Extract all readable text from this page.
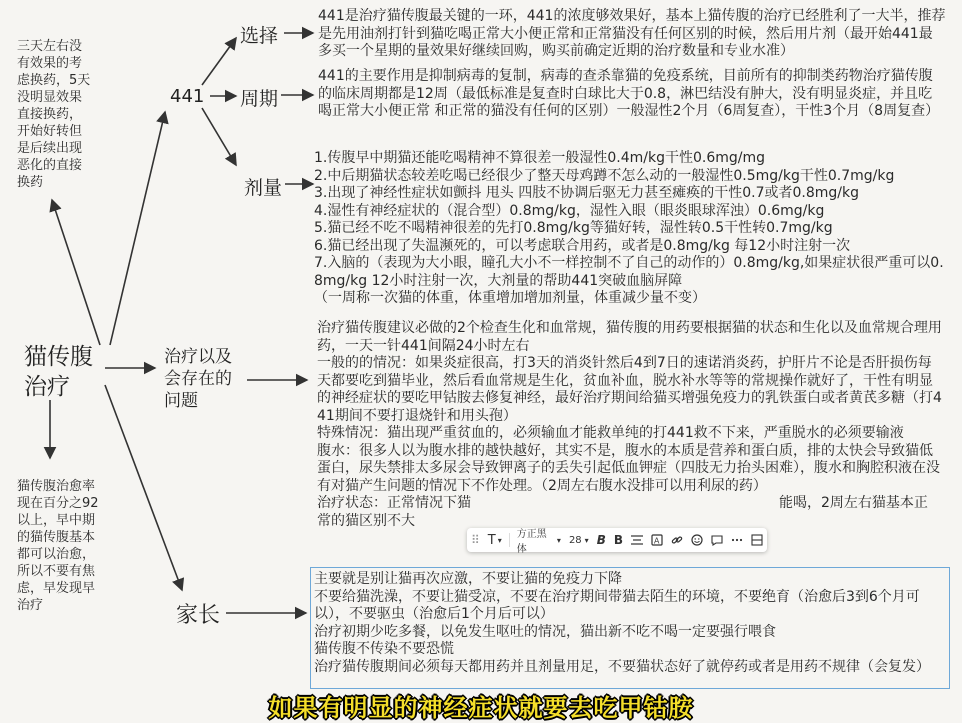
猫传腹
治疗
三天左右没
有效果的考
虑换药，5天
没明显效果
直接换药，
开始好转但
是后续出现
恶化的直接
换药
猫传腹治愈率
现在百分之92
以上，早中期
的猫传腹基本
都可以治愈，
所以不要有焦
虑，早发现早
治疗
441
选择
周期
剂量
治疗以及
会存在的
问题
家长
441是治疗猫传腹最关键的一环，441的浓度够效果好，基本上猫传腹的治疗已经胜利了一大半，推荐是先用油剂打针到猫吃喝正常大小便正常和正常猫没有任何区别的时候，然后用片剂（最开始441最多买一个星期的量效果好继续回购，购买前确定近期的治疗数量和专业水准）
441的主要作用是抑制病毒的复制，病毒的查杀靠猫的免疫系统，目前所有的抑制类药物治疗猫传腹的临床周期都是12周（最低标准是复查时白球比大于0.8，淋巴结没有肿大，没有明显炎症，并且吃喝正常大小便正常 和正常的猫没有任何的区别）一般湿性2个月（6周复查），干性3个月（8周复查）

1.传腹早中期猫还能吃喝精神不算很差一般湿性0.4m/kg干性0.6mg/mg

2.中后期猫状态较差吃喝已经很少了整天母鸡蹲不怎么动的一般湿性0.5mg/kg干性0.7mg/kg

3.出现了神经性症状如颤抖 甩头 四肢不协调后驱无力甚至瘫痪的干性0.7或者0.8mg/kg

4.湿性有神经症状的（混合型）0.8mg/kg，湿性入眼（眼炎眼球浑浊）0.6mg/kg

5.猫已经不吃不喝精神很差的先打0.8mg/kg等猫好转，湿性转0.5干性转0.7mg/kg

6.猫已经出现了失温濒死的，可以考虑联合用药，或者是0.8mg/kg 每12小时注射一次

7.入脑的（表现为大小眼，瞳孔大小不一样控制不了自己的动作的）0.8mg/kg,如果症状很严重可以0.8mg/kg 12小时注射一次，大剂量的帮助441突破血脑屏障

（一周称一次猫的体重，体重增加增加剂量，体重减少量不变）

治疗猫传腹建议必做的2个检查生化和血常规，猫传腹的用药要根据猫的状态和生化以及血常规合理用药，一天一针441间隔24小时左右

一般的的情况：如果炎症很高，打3天的消炎针然后4到7日的速诺消炎药，护肝片不论是否肝损伤每天都要吃到猫毕业，然后看血常规是生化，贫血补血，脱水补水等等的常规操作就好了，干性有明显的神经症状的要吃甲钴胺去修复神经，最好治疗期间给猫买增强免疫力的乳铁蛋白或者黄芪多糖（打441期间不要打退烧针和用头孢）

特殊情况：猫出现严重贫血的，必须输血才能救单纯的打441救不下来，严重脱水的必须要输液

腹水：很多人以为腹水排的越快越好，其实不是，腹水的本质是营养和蛋白质，排的太快会导致猫低蛋白，尿失禁排太多尿会导致钾离子的丢失引起低血钾症（四肢无力抬头困难），腹水和胸腔积液在没有对猫产生问题的情况下不作处理。（2周左右腹水没排可以用利尿的药）

治疗状态：正常情况下猫	能喝，2周左右猫基本正

常的猫区别不大

主要就是别让猫再次应激，不要让猫的免疫力下降

不要给猫洗澡，不要让猫受凉，不要在治疗期间带猫去陌生的环境，不要绝育（治愈后3到6个月可以），不要驱虫（治愈后1个月后可以）

治疗初期少吃多餐，以免发生呕吐的情况，猫出新不吃不喝一定要强行喂食

猫传腹不传染不要恐慌

治疗猫传腹期间必须每天都用药并且剂量用足，不要猫状态好了就停药或者是用药不规律（会复发）

⠿ T ▾ 方正黑体
▾ 28 ▾ B B	A
如果有明显的神经症状就要去吃甲钴胺
